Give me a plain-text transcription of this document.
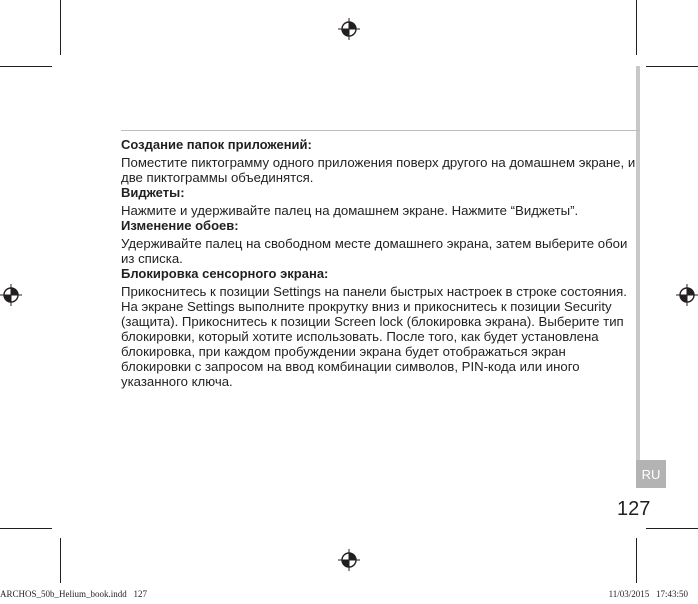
RU
Создание папок приложений:

Поместите пиктограмму одного приложения поверх другого на домашнем экране, и две пиктограммы объединятся.

Виджеты:

Нажмите и удерживайте палец на домашнем экране. Нажмите “Виджеты”.

Изменение обоев:

Удерживайте палец на свободном месте домашнего экрана, затем выберите обои из списка.

Блокировка сенсорного экрана:

Прикоснитесь к позиции Settings на панели быстрых настроек в строке состояния. На экране Settings выполните прокрутку вниз и прикоснитесь к позиции Security (защита). Прикоснитесь к позиции Screen lock (блокировка экрана). Выберите тип блокировки, который хотите использовать. После того, как будет установлена блокировка, при каждом пробуждении экрана будет отображаться экран блокировки с запросом на ввод комбинации символов, PIN-кода или иного указанного ключа.

127
ARCHOS_50b_Helium_book.indd   127	11/03/2015   17:43:50
